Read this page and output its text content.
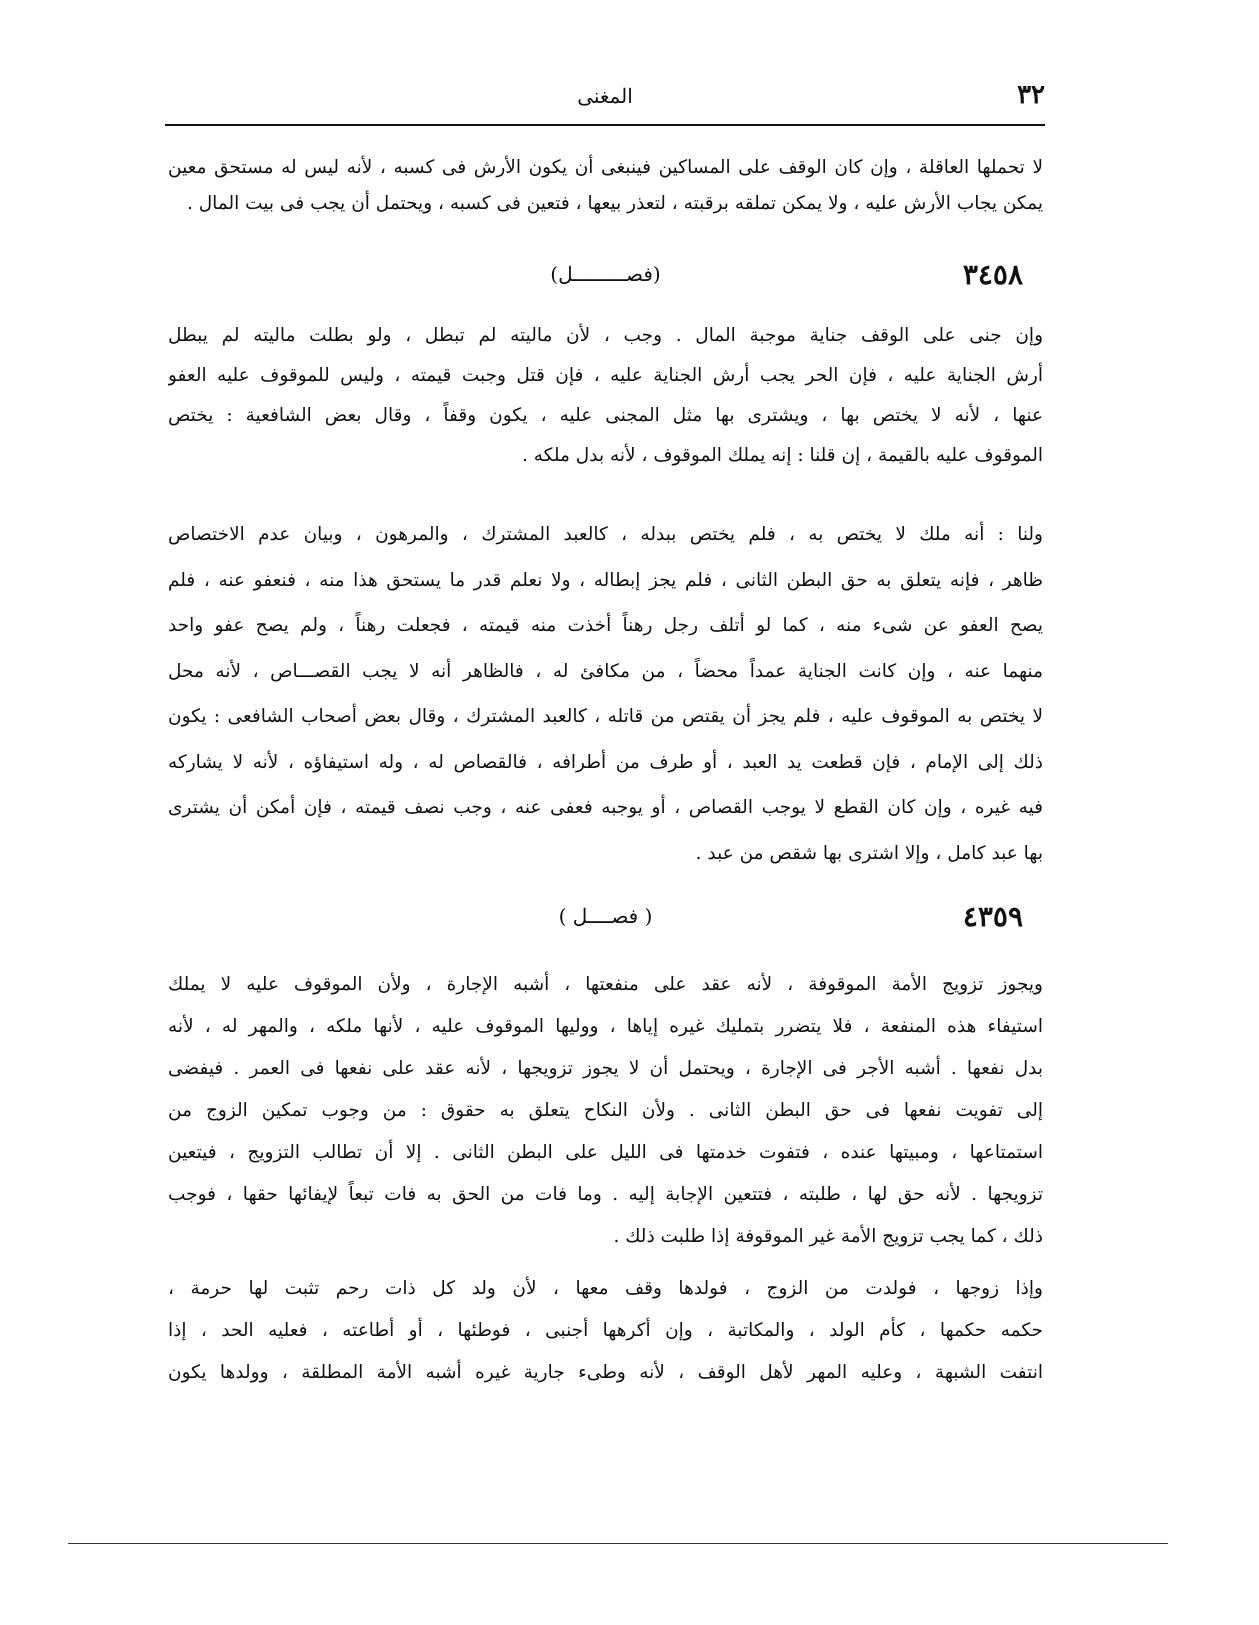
٣٢
المغنى
لا تحملها العاقلة ، وإن كان الوقف على المساكين فينبغى أن يكون الأرش فى كسبه ، لأنه ليس له مستحق معين
يمكن يجاب الأرش عليه ، ولا يمكن تملقه برقبته ، لتعذر بيعها ، فتعين فى كسبه ، ويحتمل أن يجب فى بيت المال .
٣٤٥٨
(فصـــــــــل)
وإن جنى على الوقف جناية موجبة المال . وجب ، لأن ماليته لم تبطل ، ولو بطلت ماليته لم يبطل
أرش الجناية عليه ، فإن الحر يجب أرش الجناية عليه ، فإن قتل وجبت قيمته ، وليس للموقوف عليه العفو
عنها ، لأنه لا يختص بها ، ويشترى بها مثل المجنى عليه ، يكون وقفاً ، وقال بعض الشافعية : يختص
الموقوف عليه بالقيمة ، إن قلنا : إنه يملك الموقوف ، لأنه بدل ملكه .
ولنا : أنه ملك لا يختص به ، فلم يختص ببدله ، كالعبد المشترك ، والمرهون ، وبيان عدم الاختصاص
ظاهر ، فإنه يتعلق به حق البطن الثانى ، فلم يجز إبطاله ، ولا نعلم قدر ما يستحق هذا منه ، فنعفو عنه ، فلم
يصح العفو عن شىء منه ، كما لو أتلف رجل رهناً أخذت منه قيمته ، فجعلت رهناً ، ولم يصح عفو واحد
منهما عنه ، وإن كانت الجناية عمداً محضاً ، من مكافئ له ، فالظاهر أنه لا يجب القصـــاص ، لأنه محل
لا يختص به الموقوف عليه ، فلم يجز أن يقتص من قاتله ، كالعبد المشترك ، وقال بعض أصحاب الشافعى : يكون
ذلك إلى الإمام ، فإن قطعت يد العبد ، أو طرف من أطرافه ، فالقصاص له ، وله استيفاؤه ، لأنه لا يشاركه
فيه غيره ، وإن كان القطع لا يوجب القصاص ، أو يوجبه فعفى عنه ، وجب نصف قيمته ، فإن أمكن أن يشترى
بها عبد كامل ، وإلا اشترى بها شقص من عبد .
٤٣٥٩
( فصــــل )
ويجوز تزويج الأمة الموقوفة ، لأنه عقد على منفعتها ، أشبه الإجارة ، ولأن الموقوف عليه لا يملك
استيفاء هذه المنفعة ، فلا يتضرر بتمليك غيره إياها ، ووليها الموقوف عليه ، لأنها ملكه ، والمهر له ، لأنه
بدل نفعها . أشبه الأجر فى الإجارة ، ويحتمل أن لا يجوز تزويجها ، لأنه عقد على نفعها فى العمر . فيفضى
إلى تفويت نفعها فى حق البطن الثانى . ولأن النكاح يتعلق به حقوق : من وجوب تمكين الزوج من
استمتاعها ، ومبيتها عنده ، فتفوت خدمتها فى الليل على البطن الثانى . إلا أن تطالب التزويج ، فيتعين
تزويجها . لأنه حق لها ، طلبته ، فتتعين الإجابة إليه . وما فات من الحق به فات تبعاً لإيفائها حقها ، فوجب
ذلك ، كما يجب تزويج الأمة غير الموقوفة إذا طلبت ذلك .
وإذا زوجها ، فولدت من الزوج ، فولدها وقف معها ، لأن ولد كل ذات رحم تثبت لها حرمة ،
حكمه حكمها ، كأم الولد ، والمكاتبة ، وإن أكرهها أجنبى ، فوطئها ، أو أطاعته ، فعليه الحد ، إذا
انتفت الشبهة ، وعليه المهر لأهل الوقف ، لأنه وطىء جارية غيره أشبه الأمة المطلقة ، وولدها يكون
